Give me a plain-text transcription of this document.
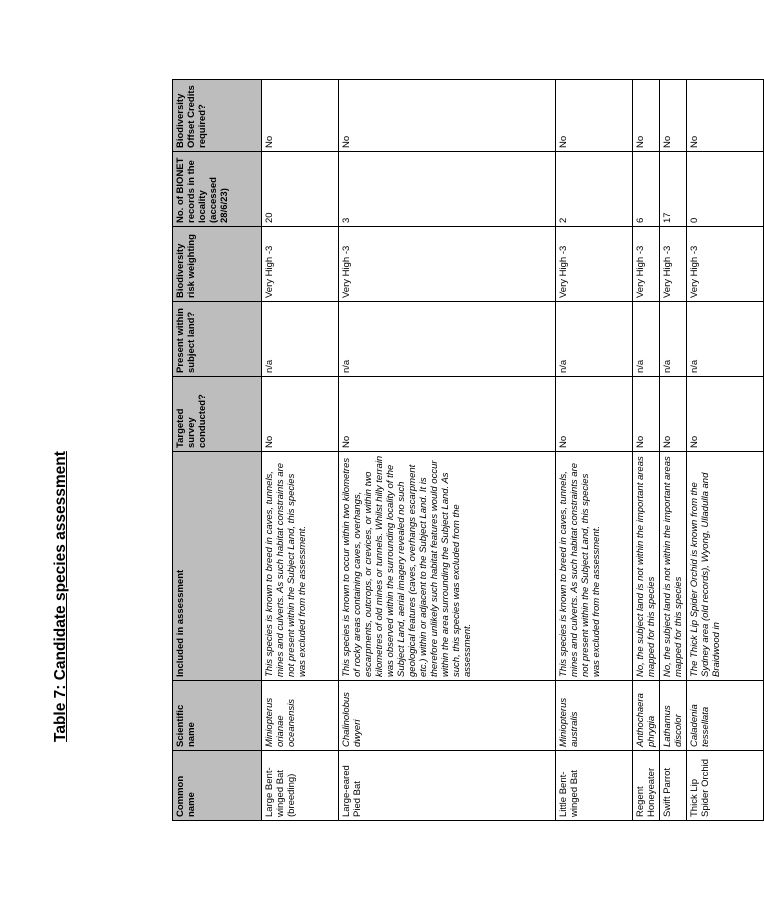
Table 7: Candidate species assessment
Common name	Scientific name	Included in assessment	Targeted survey conducted?	Present within subject land?	Biodiversity risk weighting	No. of BIONET records in the locality (accessed 28/6/23)	Biodiversity Offset Credits required?
Large Bent-winged Bat (breeding)	Miniopterus orianae oceanensis	This species is known to breed in caves, tunnels, mines and culverts. As such habitat constraints are not present within the Subject Land, this species was excluded from the assessment.	No	n/a	Very High -3	20	No
Large-eared Pied Bat	Chalinolobus dwyeri	This species is known to occur within two kilometres of rocky areas containing caves, overhangs, escarpments, outcrops, or crevices, or within two kilometres of old mines or tunnels. Whilst hilly terrain was observed within the surrounding locality of the Subject Land, aerial imagery revealed no such geological features (caves, overhangs escarpment etc.) within or adjacent to the Subject Land. It is therefore unlikely such habitat features would occur within the area surrounding the Subject Land. As such, this species was excluded from the assessment.	No	n/a	Very High -3	3	No
Little Bent-winged Bat	Miniopterus australis	This species is known to breed in caves, tunnels, mines and culverts. As such habitat constraints are not present within the Subject Land, this species was excluded from the assessment.	No	n/a	Very High -3	2	No
Regent Honeyeater	Anthochaera phrygia	No, the subject land is not within the important areas mapped for this species	No	n/a	Very High -3	6	No
Swift Parrot	Lathamus discolor	No, the subject land is not within the important areas mapped for this species	No	n/a	Very High -3	17	No
Thick Lip Spider Orchid	Caladenia tessellata	The Thick Lip Spider Orchid is known from the Sydney area (old records), Wyong, Ulladulla and Braidwood in	No	n/a	Very High -3	0	No
